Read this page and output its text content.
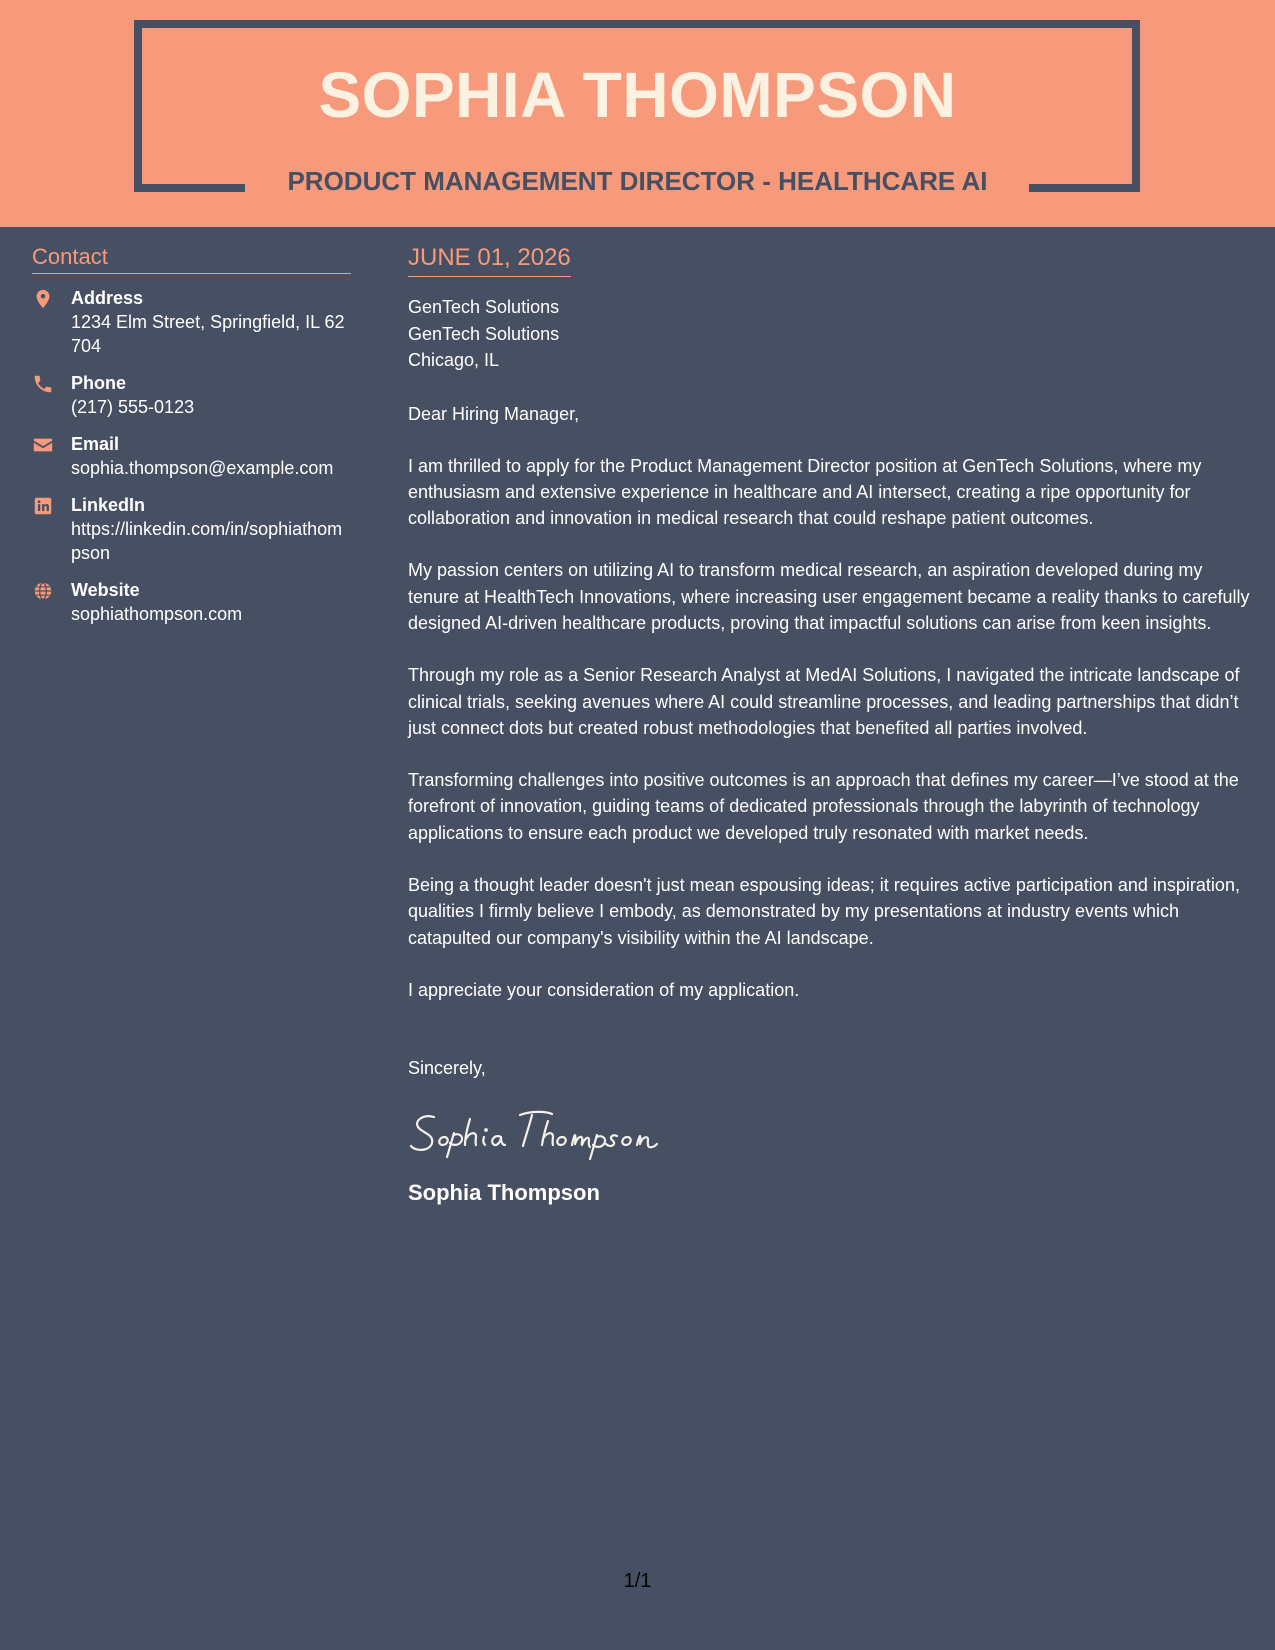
SOPHIA THOMPSON
PRODUCT MANAGEMENT DIRECTOR - HEALTHCARE AI
Contact
Address
1234 Elm Street, Springfield, IL 62704
Phone
(217) 555-0123
Email
sophia.thompson@example.com
LinkedIn
https://linkedin.com/in/sophiathompson
Website
sophiathompson.com
JUNE 01, 2026
GenTech Solutions
GenTech Solutions
Chicago, IL
Dear Hiring Manager,
I am thrilled to apply for the Product Management Director position at GenTech Solutions, where my enthusiasm and extensive experience in healthcare and AI intersect, creating a ripe opportunity for collaboration and innovation in medical research that could reshape patient outcomes.
My passion centers on utilizing AI to transform medical research, an aspiration developed during my tenure at HealthTech Innovations, where increasing user engagement became a reality thanks to carefully designed AI-driven healthcare products, proving that impactful solutions can arise from keen insights.
Through my role as a Senior Research Analyst at MedAI Solutions, I navigated the intricate landscape of clinical trials, seeking avenues where AI could streamline processes, and leading partnerships that didn’t just connect dots but created robust methodologies that benefited all parties involved.
Transforming challenges into positive outcomes is an approach that defines my career—I’ve stood at the forefront of innovation, guiding teams of dedicated professionals through the labyrinth of technology applications to ensure each product we developed truly resonated with market needs.
Being a thought leader doesn't just mean espousing ideas; it requires active participation and inspiration, qualities I firmly believe I embody, as demonstrated by my presentations at industry events which catapulted our company's visibility within the AI landscape.
I appreciate your consideration of my application.
Sincerely,
Sophia Thompson
1/1
